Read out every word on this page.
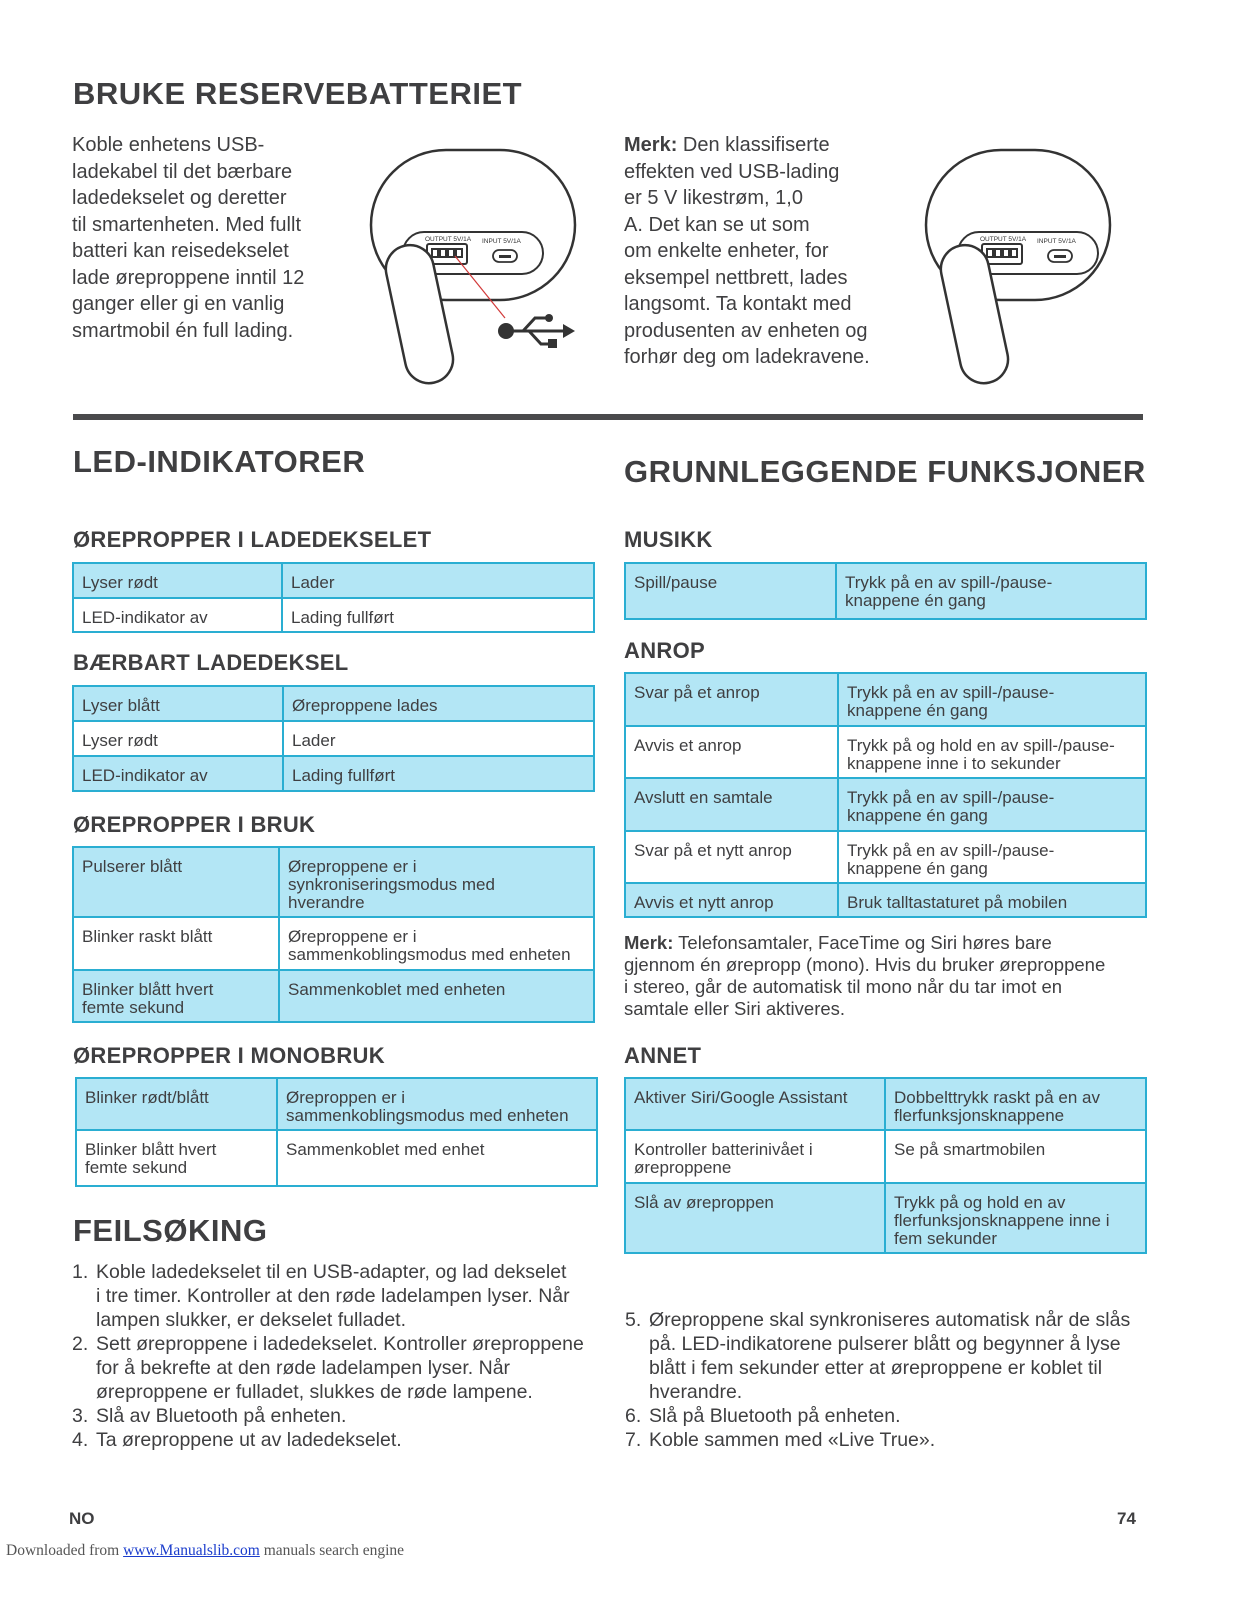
BRUKE RESERVEBATTERIET
Koble enhetens USB-
ladekabel til det bærbare
ladedekselet og deretter
til smartenheten. Med fullt
batteri kan reisedekselet
lade øreproppene inntil 12
ganger eller gi en vanlig
smartmobil én full lading.
OUTPUT 5V/1A INPUT 5V/1A
Merk: Den klassifiserte
effekten ved USB-lading
er 5 V likestrøm, 1,0
A. Det kan se ut som
om enkelte enheter, for
eksempel nettbrett, lades
langsomt. Ta kontakt med
produsenten av enheten og
forhør deg om ladekravene.
OUTPUT 5V/1A INPUT 5V/1A
LED-INDIKATORER
ØREPROPPER I LADEDEKSELET
Lyser rødt	Lader
LED-indikator av	Lading fullført
BÆRBART LADEDEKSEL
Lyser blått	Øreproppene lades
Lyser rødt	Lader
LED-indikator av	Lading fullført
ØREPROPPER I BRUK
Pulserer blått	Øreproppene er i
synkroniseringsmodus med
hverandre

Blinker raskt blått	Øreproppene er i
sammenkoblingsmodus med enheten

Blinker blått hvert
femte sekund	Sammenkoblet med enheten
ØREPROPPER I MONOBRUK
Blinker rødt/blått	Øreproppen er i
sammenkoblingsmodus med enheten

Blinker blått hvert
femte sekund	Sammenkoblet med enhet
FEILSØKING
1. Koble ladedekselet til en USB-adapter, og lad dekselet
i tre timer. Kontroller at den røde ladelampen lyser. Når
lampen slukker, er dekselet fulladet.
2. Sett øreproppene i ladedekselet. Kontroller øreproppene
for å bekrefte at den røde ladelampen lyser. Når
øreproppene er fulladet, slukkes de røde lampene.
3. Slå av Bluetooth på enheten.
4. Ta øreproppene ut av ladedekselet.
5. Øreproppene skal synkroniseres automatisk når de slås
på. LED-indikatorene pulserer blått og begynner å lyse
blått i fem sekunder etter at øreproppene er koblet til
hverandre.
6. Slå på Bluetooth på enheten.
7. Koble sammen med «Live True».
GRUNNLEGGENDE FUNKSJONER
MUSIKK
Spill/pause	Trykk på en av spill-/pause-
knappene én gang
ANROP
Svar på et anrop	Trykk på en av spill-/pause-
knappene én gang

Avvis et anrop	Trykk på og hold en av spill-/pause-
knappene inne i to sekunder

Avslutt en samtale	Trykk på en av spill-/pause-
knappene én gang

Svar på et nytt anrop	Trykk på en av spill-/pause-
knappene én gang

Avvis et nytt anrop	Bruk talltastaturet på mobilen
Merk: Telefonsamtaler, FaceTime og Siri høres bare
gjennom én ørepropp (mono). Hvis du bruker øreproppene
i stereo, går de automatisk til mono når du tar imot en
samtale eller Siri aktiveres.
ANNET
Aktiver Siri/Google Assistant	Dobbelttrykk raskt på en av
flerfunksjonsknappene

Kontroller batterinivået i
øreproppene	Se på smartmobilen

Slå av øreproppen	Trykk på og hold en av
flerfunksjonsknappene inne i
fem sekunder
NO	74
Downloaded from www.Manualslib.com manuals search engine
